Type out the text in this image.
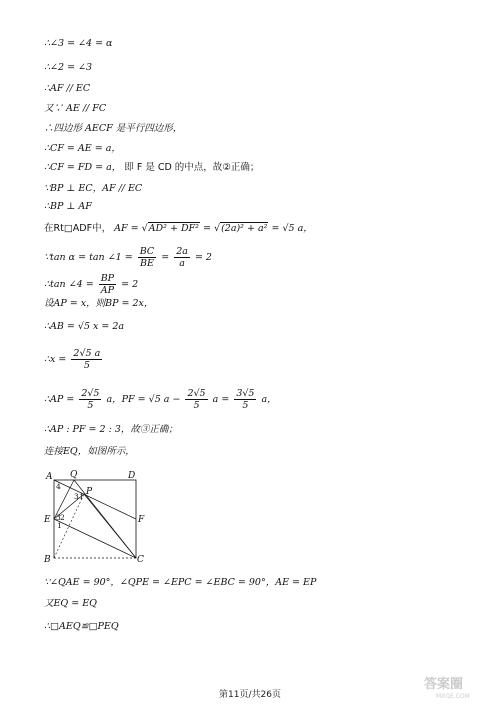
∴∠3 = ∠4 = α
∴∠2 = ∠3
∴AF // EC
又∵ AE // FC
∴四边形 AECF 是平行四边形，
∴CF = AE = a，
∴CF = FD = a， 即 F 是 CD 的中点，故②正确；
∵BP ⊥ EC，AF // EC
∴BP ⊥ AF
在Rt□ADF中， AF = √AD² + DF² = √(2a)² + a² = √5 a，
∵tan α = tan ∠1 = $\frac{BC}{BE} = \frac{2a}{a} = 2$
∴tan ∠4 = $\frac{BP}{AP} = 2$
设AP = x，则BP = 2x，
∴AB = √5 x = 2a
∴x = $\frac{2√5 a}{5}$
∴AP = $\frac{2√5}{5}$ a，PF = √5 $a - \frac{2√5}{5}$ $a = \frac{3√5}{5}$ a，
∴AP : PF = 2 : 3，故③正确；
连接EQ，如图所示，
A Q	D
P
E	F
B	C
4
3 1
3 2
1
∵∠QAE = 90°，∠QPE = ∠EPC = ∠EBC = 90°，AE = EP
又EQ = EQ
∴□AEQ≌□PEQ
第11页/共26页
答案圈
MXQE.COM
